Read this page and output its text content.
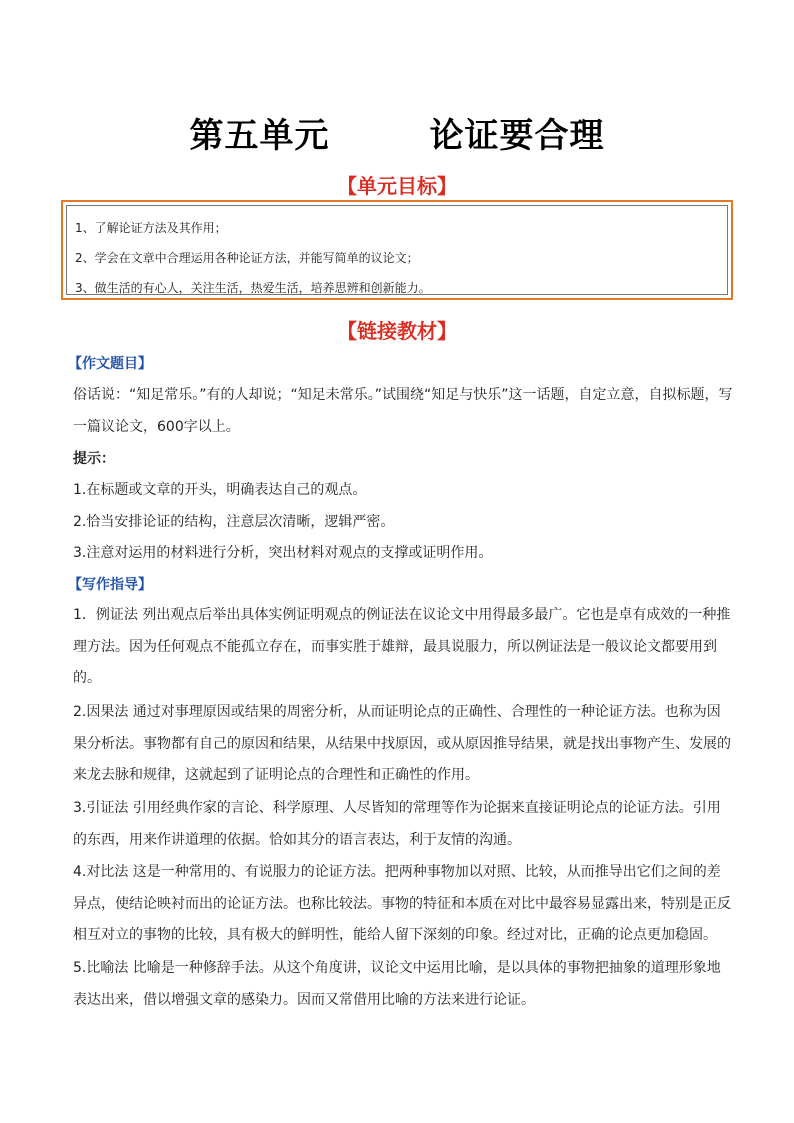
第五单元	论证要合理
【单元目标】
1、了解论证方法及其作用；
2、学会在文章中合理运用各种论证方法，并能写简单的议论文；
3、做生活的有心人，关注生活，热爱生活，培养思辨和创新能力。
【链接教材】
【作文题目】
俗话说：“知足常乐。”有的人却说；“知足未常乐。”试围绕“知足与快乐”这一话题，自定立意，自拟标题，写一篇议论文，600字以上。
提示：
1.在标题或文章的开头，明确表达自己的观点。
2.恰当安排论证的结构，注意层次清晰，逻辑严密。
3.注意对运用的材料进行分析，突出材料对观点的支撑或证明作用。
【写作指导】
1．例证法 列出观点后举出具体实例证明观点的例证法在议论文中用得最多最广。它也是卓有成效的一种推理方法。因为任何观点不能孤立存在，而事实胜于雄辩，最具说服力，所以例证法是一般议论文都要用到的。
2.因果法 通过对事理原因或结果的周密分析，从而证明论点的正确性、合理性的一种论证方法。也称为因果分析法。事物都有自己的原因和结果，从结果中找原因，或从原因推导结果，就是找出事物产生、发展的来龙去脉和规律，这就起到了证明论点的合理性和正确性的作用。
3.引证法 引用经典作家的言论、科学原理、人尽皆知的常理等作为论据来直接证明论点的论证方法。引用的东西，用来作讲道理的依据。恰如其分的语言表达，利于友情的沟通。
4.对比法 这是一种常用的、有说服力的论证方法。把两种事物加以对照、比较，从而推导出它们之间的差异点，使结论映衬而出的论证方法。也称比较法。事物的特征和本质在对比中最容易显露出来，特别是正反相互对立的事物的比较，具有极大的鲜明性，能给人留下深刻的印象。经过对比，正确的论点更加稳固。
5.比喻法 比喻是一种修辞手法。从这个角度讲，议论文中运用比喻，是以具体的事物把抽象的道理形象地表达出来，借以增强文章的感染力。因而又常借用比喻的方法来进行论证。
